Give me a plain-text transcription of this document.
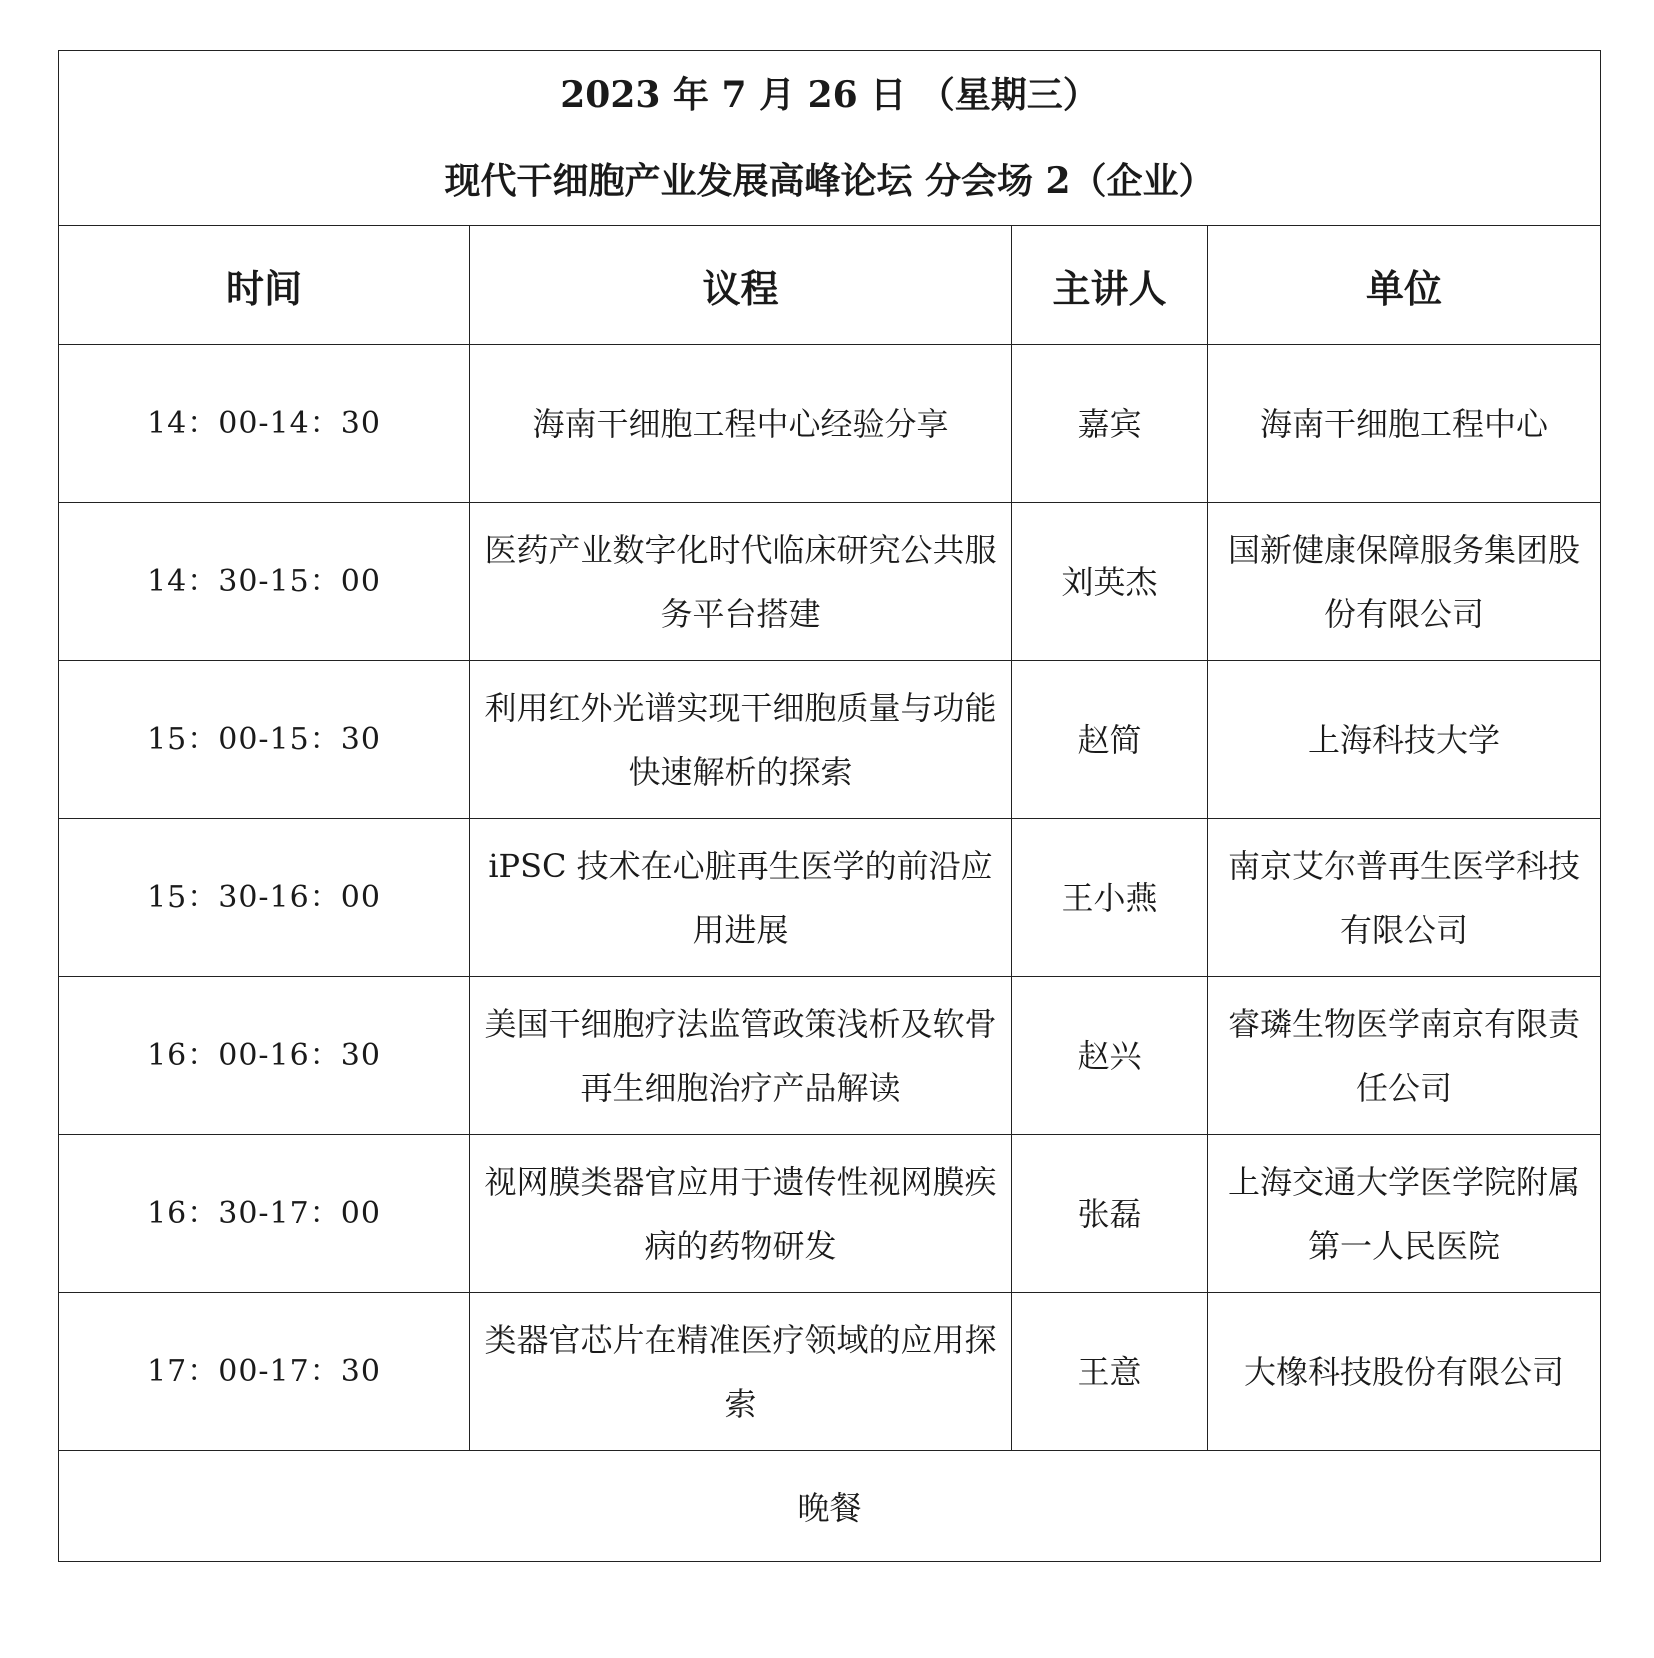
2023 年 7 月 26 日 （星期三）
现代干细胞产业发展高峰论坛 分会场 2（企业）			

时间	议程	主讲人	单位
14：00-14：30	海南干细胞工程中心经验分享	嘉宾	海南干细胞工程中心
14：30-15：00	医药产业数字化时代临床研究公共服务平台搭建	刘英杰	国新健康保障服务集团股份有限公司
15：00-15：30	利用红外光谱实现干细胞质量与功能快速解析的探索	赵简	上海科技大学
15：30-16：00	iPSC 技术在心脏再生医学的前沿应用进展	王小燕	南京艾尔普再生医学科技有限公司
16：00-16：30	美国干细胞疗法监管政策浅析及软骨再生细胞治疗产品解读	赵兴	睿璘生物医学南京有限责任公司
16：30-17：00	视网膜类器官应用于遗传性视网膜疾病的药物研发	张磊	上海交通大学医学院附属第一人民医院
17：00-17：30	类器官芯片在精准医疗领域的应用探索	王意	大橡科技股份有限公司
晚餐			
